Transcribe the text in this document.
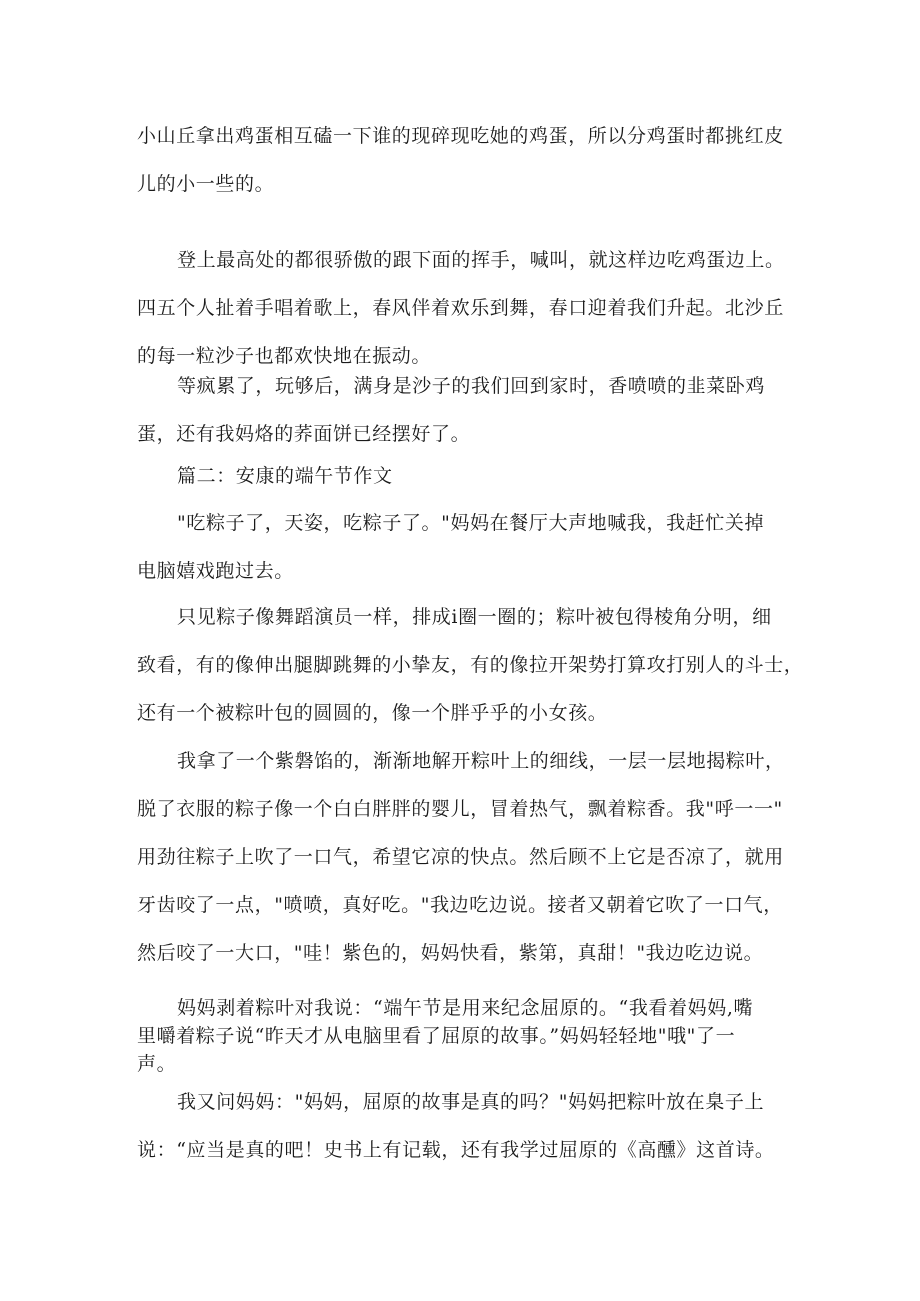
小山丘拿出鸡蛋相互磕一下谁的现碎现吃她的鸡蛋，所以分鸡蛋时都挑红皮
儿的小一些的。

登上最高处的都很骄傲的跟下面的挥手，喊叫，就这样边吃鸡蛋边上。
四五个人扯着手唱着歌上，春风伴着欢乐到舞，春口迎着我们升起。北沙丘
的每一粒沙子也都欢快地在振动。

等疯累了，玩够后，满身是沙子的我们回到家时，香喷喷的韭菜卧鸡
蛋，还有我妈烙的荞面饼已经摆好了。

篇二：安康的端午节作文

"吃粽子了，天姿，吃粽子了。"妈妈在餐厅大声地喊我，我赶忙关掉
电脑嬉戏跑过去。

只见粽子像舞蹈演员一样，排成i圈一圈的；粽叶被包得棱角分明，细
致看，有的像伸出腿脚跳舞的小挚友，有的像拉开架势打算攻打别人的斗士，
还有一个被粽叶包的圆圆的，像一个胖乎乎的小女孩。

我拿了一个紫磐馅的，渐渐地解开粽叶上的细线，一层一层地揭粽叶，
脱了衣服的粽子像一个白白胖胖的婴儿，冒着热气，飘着粽香。我"呼一一"
用劲往粽子上吹了一口气，希望它凉的快点。然后顾不上它是否凉了，就用
牙齿咬了一点，"喷喷，真好吃。"我边吃边说。接者又朝着它吹了一口气，
然后咬了一大口，"哇！紫色的，妈妈快看，紫第，真甜！"我边吃边说。

妈妈剥着粽叶对我说：“端午节是用来纪念屈原的。“我看着妈妈,嘴
里嚼着粽子说“昨天才从电脑里看了屈原的故事。”妈妈轻轻地"哦"了一
声。

我又问妈妈："妈妈，屈原的故事是真的吗？"妈妈把粽叶放在臬子上
说：“应当是真的吧！史书上有记载，还有我学过屈原的《高醺》这首诗。
